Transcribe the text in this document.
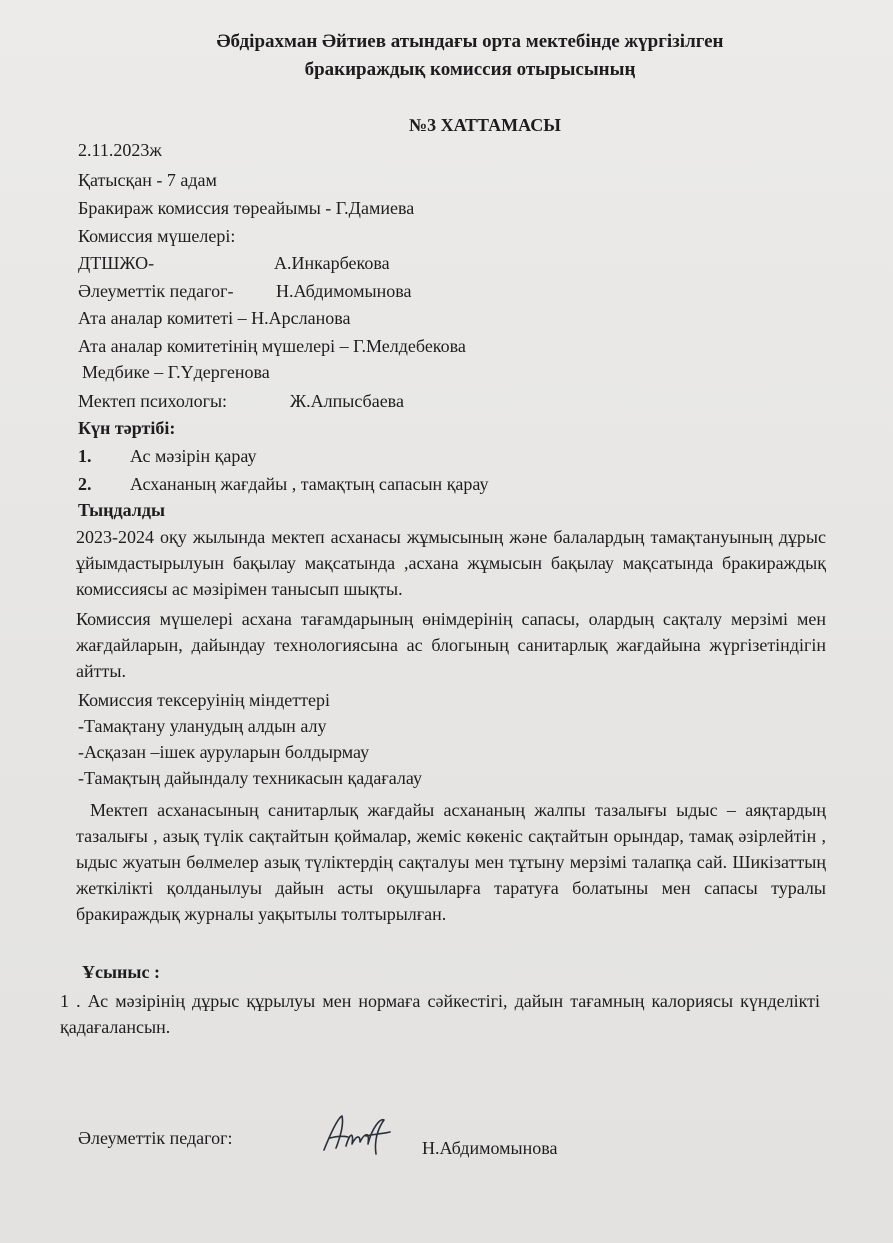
Әбдірахман Әйтиев атындағы орта мектебінде жүргізілген
бракираждық комиссия отырысының
№3 ХАТТАМАСЫ
2.11.2023ж
Қатысқан - 7 адам
Бракираж комиссия төреайымы - Г.Дамиева
Комиссия мүшелері:
ДТШЖО-	А.Инкарбекова
Әлеуметтік педагог- Н.Абдимомынова
Ата аналар комитеті – Н.Арсланова
Ата аналар комитетінің мүшелері – Г.Мелдебекова
Медбике – Г.Үдергенова
Мектеп психологы:	Ж.Алпысбаева
Күн тәртібі:
1. Ас мәзірін қарау
2. Асхананың жағдайы , тамақтың сапасын қарау
Тыңдалды
2023-2024 оқу жылында мектеп асханасы жұмысының және балалардың тамақтануының дұрыс ұйымдастырылуын бақылау мақсатында ,асхана жұмысын бақылау мақсатында бракираждық комиссиясы ас мәзірімен танысып шықты.
Комиссия мүшелері асхана тағамдарының өнімдерінің сапасы, олардың сақталу мерзімі мен жағдайларын, дайындау технологиясына ас блогының санитарлық жағдайына жүргізетіндігін айтты.
Комиссия тексеруінің міндеттері
-Тамақтану уланудың алдын алу
-Асқазан –ішек ауруларын болдырмау
-Тамақтың дайындалу техникасын қадағалау
Мектеп асханасының санитарлық жағдайы асхананың жалпы тазалығы ыдыс – аяқтардың тазалығы , азық түлік сақтайтын қоймалар, жеміс көкеніс сақтайтын орындар, тамақ әзірлейтін , ыдыс жуатын бөлмелер азық түліктердің сақталуы мен тұтыну мерзімі талапқа сай. Шикізаттың жеткілікті қолданылуы дайын асты оқушыларға таратуға болатыны мен сапасы туралы бракираждық журналы уақытылы толтырылған.
Ұсыныс :
1 . Ас мәзірінің дұрыс құрылуы мен нормаға сәйкестігі, дайын тағамның калориясы күнделікті қадағалансын.
Әлеуметтік педагог:	Н.Абдимомынова
